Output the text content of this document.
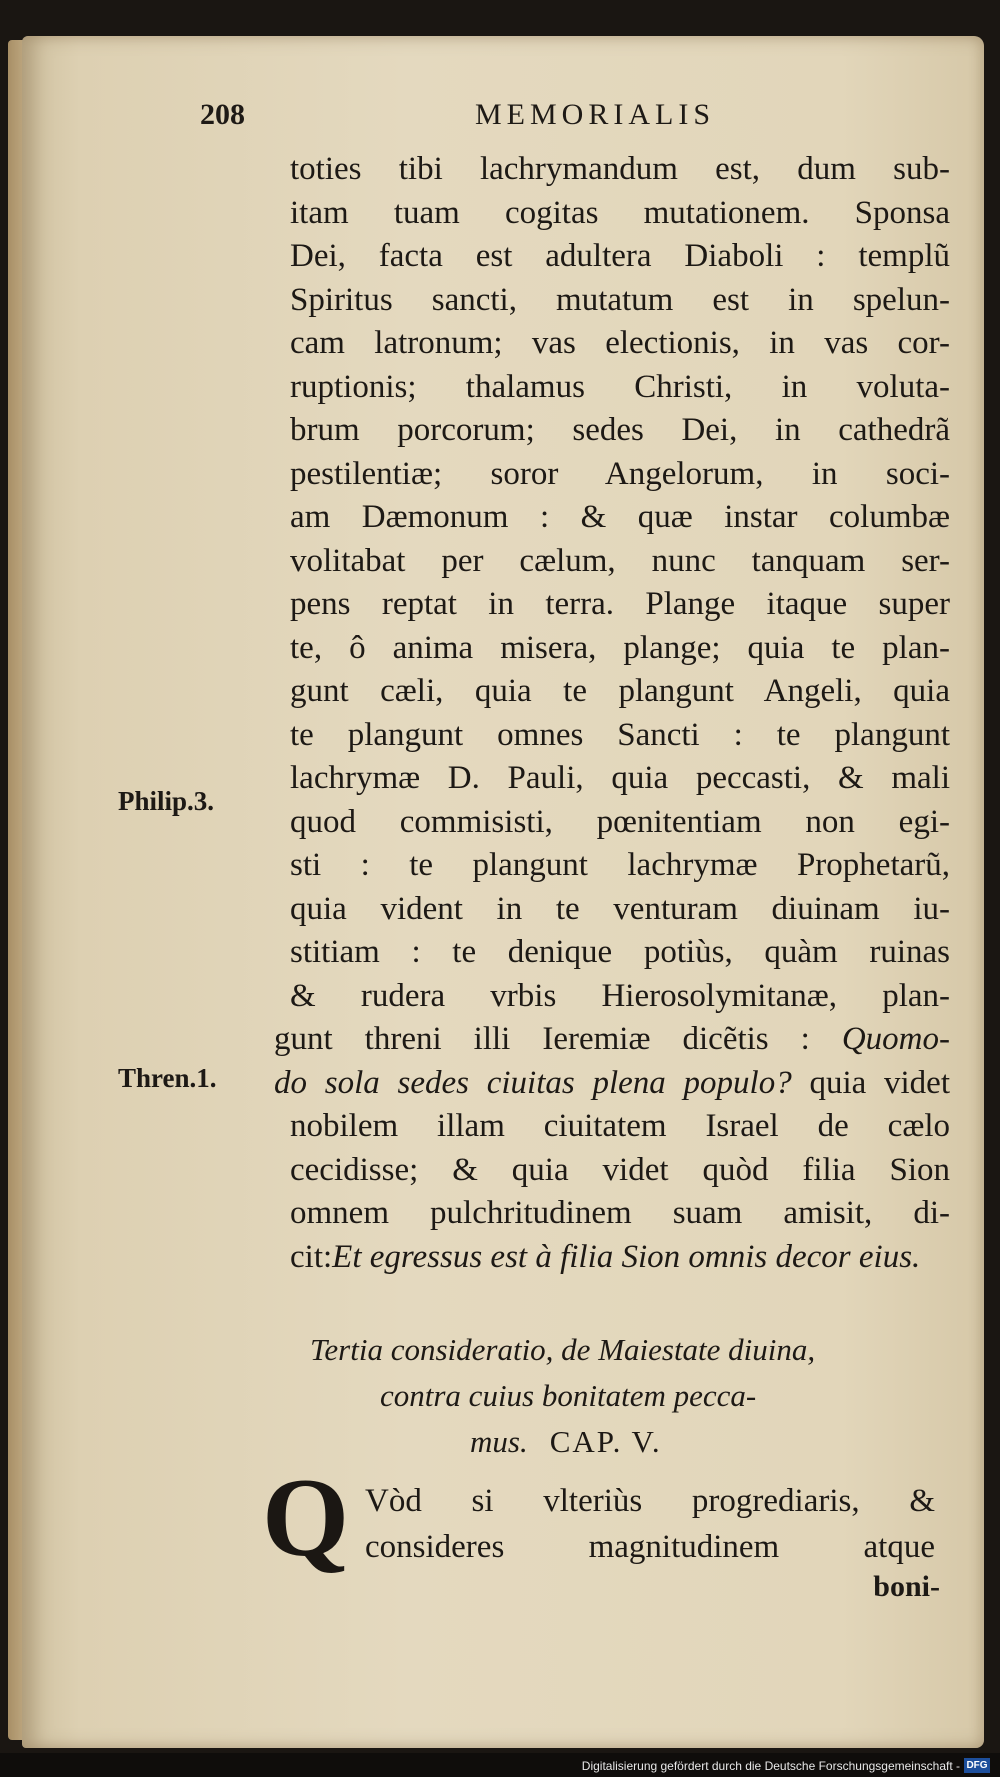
208	MEMORIALIS
Philip.3.
Thren.1.
toties tibi lachrymandum est, dum sub-
itam tuam cogitas mutationem. Sponsa
Dei, facta est adultera Diaboli : templũ
Spiritus sancti, mutatum est in spelun-
cam latronum; vas electionis, in vas cor-
ruptionis; thalamus Christi, in voluta-
brum porcorum; sedes Dei, in cathedrã
pestilentiæ; soror Angelorum, in soci-
am Dæmonum : & quæ instar columbæ
volitabat per cælum, nunc tanquam ser-
pens reptat in terra. Plange itaque super
te, ô anima misera, plange; quia te plan-
gunt cæli, quia te plangunt Angeli, quia
te plangunt omnes Sancti : te plangunt
lachrymæ D. Pauli, quia peccasti, & mali
quod commisisti, pœnitentiam non egi-
sti : te plangunt lachrymæ Prophetarũ,
quia vident in te venturam diuinam iu-
stitiam : te denique potiùs, quàm ruinas
& rudera vrbis Hierosolymitanæ, plan-
gunt threni illi Ieremiæ dicẽtis : Quomo-
do sola sedes ciuitas plena populo? quia videt
nobilem illam ciuitatem Israel de cælo
cecidisse; & quia videt quòd filia Sion
omnem pulchritudinem suam amisit, di-
cit:Et egressus est à filia Sion omnis decor eius.
Tertia consideratio, de Maiestate diuina,
contra cuius bonitatem pecca-
mus. CAP. V.
Q Vòd si vlteriùs progrediaris, &
consideres magnitudinem atque
boni-
Digitalisierung gefördert durch die Deutsche Forschungsgemeinschaft - DFG
